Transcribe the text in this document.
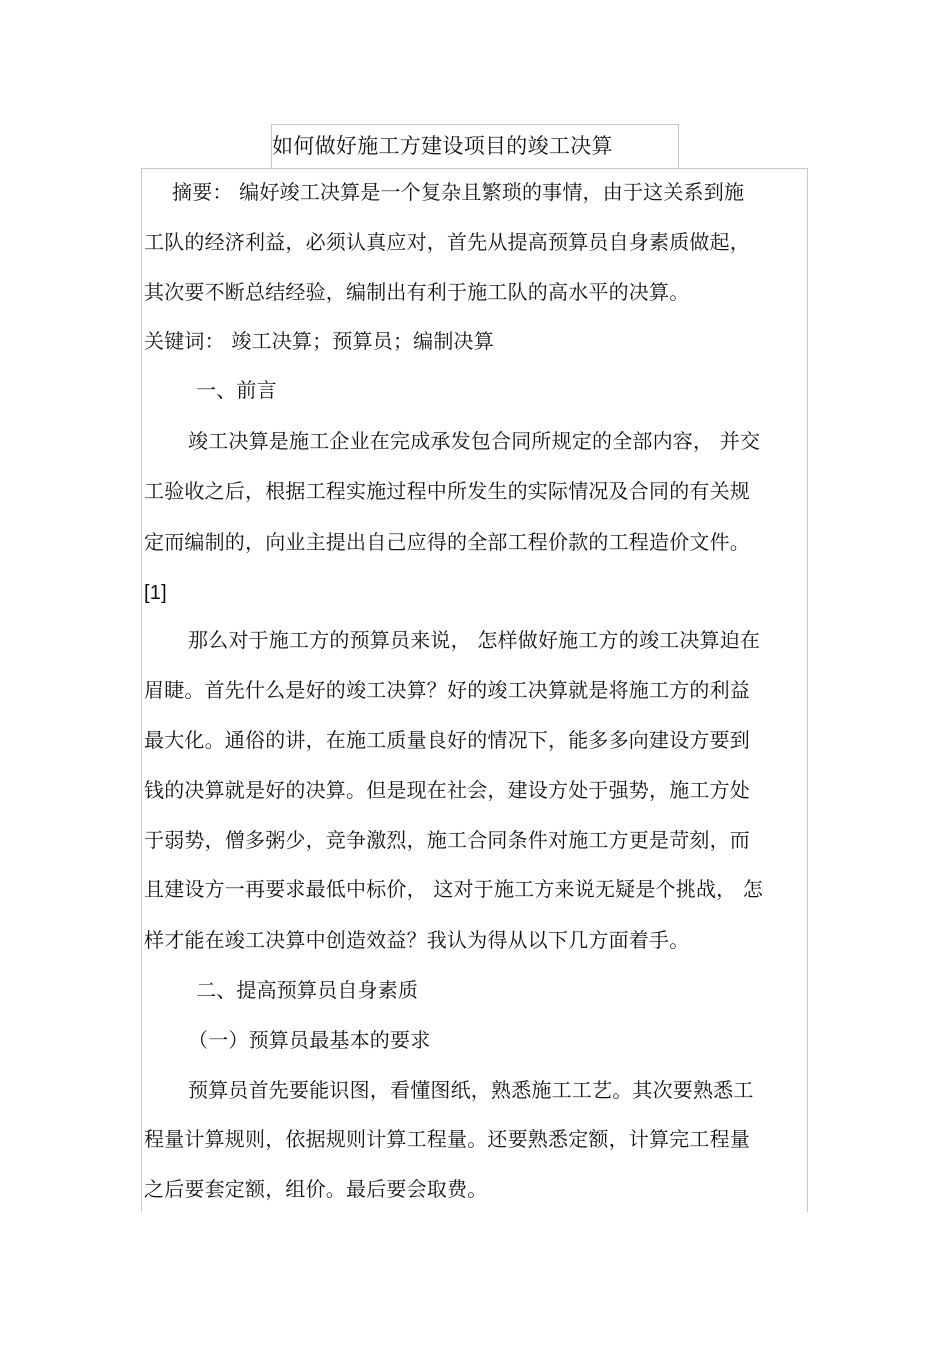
如何做好施工方建设项目的竣工决算
摘要： 编好竣工决算是一个复杂且繁琐的事情，由于这关系到施
工队的经济利益，必须认真应对，首先从提高预算员自身素质做起，
其次要不断总结经验，编制出有利于施工队的高水平的决算。
关键词： 竣工决算；预算员；编制决算
一、前言
竣工决算是施工企业在完成承发包合同所规定的全部内容， 并交
工验收之后，根据工程实施过程中所发生的实际情况及合同的有关规
定而编制的，向业主提出自己应得的全部工程价款的工程造价文件。
[1]
那么对于施工方的预算员来说， 怎样做好施工方的竣工决算迫在
眉睫。首先什么是好的竣工决算？好的竣工决算就是将施工方的利益
最大化。通俗的讲，在施工质量良好的情况下，能多多向建设方要到
钱的决算就是好的决算。但是现在社会，建设方处于强势，施工方处
于弱势，僧多粥少，竞争激烈，施工合同条件对施工方更是苛刻，而
且建设方一再要求最低中标价， 这对于施工方来说无疑是个挑战， 怎
样才能在竣工决算中创造效益？我认为得从以下几方面着手。
二、提高预算员自身素质
（一）预算员最基本的要求
预算员首先要能识图，看懂图纸，熟悉施工工艺。其次要熟悉工
程量计算规则，依据规则计算工程量。还要熟悉定额，计算完工程量
之后要套定额，组价。最后要会取费。
